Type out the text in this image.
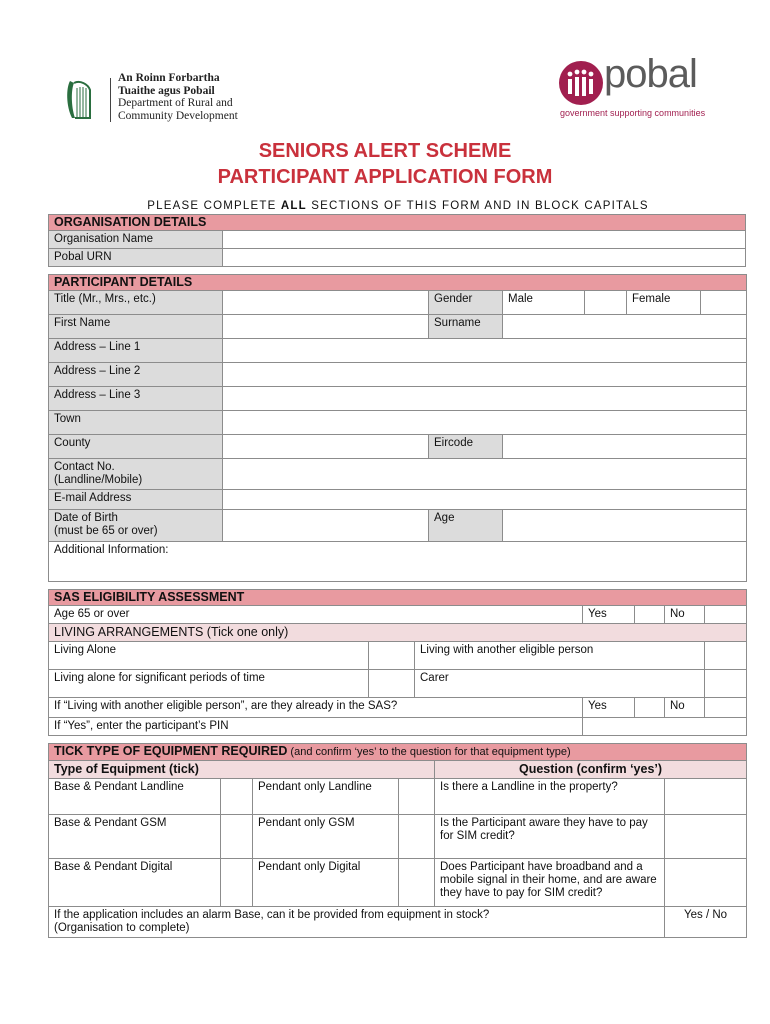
An Roinn Forbartha
Tuaithe agus Pobail
Department of Rural and
Community Development
pobal
government supporting communities
SENIORS ALERT SCHEME
PARTICIPANT APPLICATION FORM
PLEASE COMPLETE ALL SECTIONS OF THIS FORM AND IN BLOCK CAPITALS
ORGANISATION DETAILS	
Organisation Name	
Pobal URN	
PARTICIPANT DETAILS						
Title (Mr., Mrs., etc.)		Gender	Male		Female	
First Name		Surname				
Address – Line 1						
Address – Line 2						
Address – Line 3						
Town						
County		Eircode				

Contact No.
(Landline/Mobile)						

E-mail Address						

Date of Birth
(must be 65 or over)		Age				
Additional Information:						
SAS ELIGIBILITY ASSESSMENT						
Age 65 or over			Yes		No	
LIVING ARRANGEMENTS (Tick one only)						
Living Alone		Living with another eligible person				
Living alone for significant periods of time		Carer				
If “Living with another eligible person”, are they already in the SAS?			Yes		No	
If “Yes”, enter the participant’s PIN						
TICK TYPE OF EQUIPMENT REQUIRED (and confirm ‘yes’ to the question for that equipment type)					
Type of Equipment (tick)				Question (confirm ‘yes’)	
Base & Pendant Landline		Pendant only Landline		Is there a Landline in the property?	
Base & Pendant GSM		Pendant only GSM		Is the Participant aware they have to pay for SIM credit?	
Base & Pendant Digital		Pendant only Digital		Does Participant have broadband and a mobile signal in their home, and are aware they have to pay for SIM credit?	

If the application includes an alarm Base, can it be provided from equipment in stock?
(Organisation to complete)					Yes / No
